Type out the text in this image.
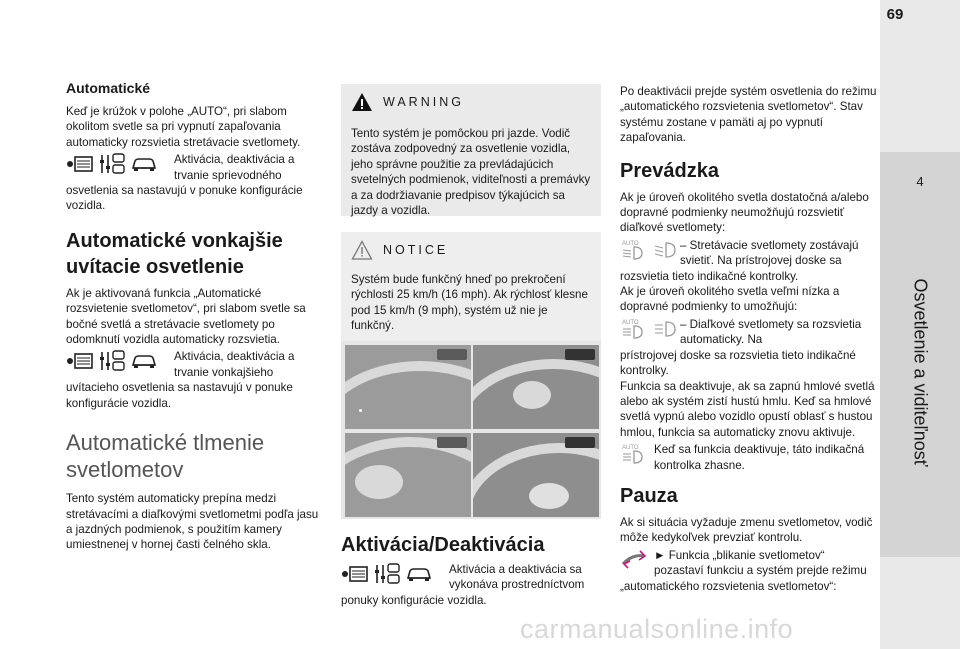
4
Osvetlenie a viditeľnosť
69
Automatické

Keď je krúžok v polohe „AUTO“, pri slabom okolitom svetle sa pri vypnutí zapaľovania automaticky rozsvietia stretávacie svetlomety.

Aktivácia, deaktivácia a trvanie sprievodného

osvetlenia sa nastavujú v ponuke konfigurácie vozidla.

Automatické vonkajšie uvítacie osvetlenie

Ak je aktivovaná funkcia „Automatické rozsvietenie svetlometov“, pri slabom svetle sa bočné svetlá a stretávacie svetlomety po odomknutí vozidla automaticky rozsvietia.

Aktivácia, deaktivácia a trvanie vonkajšieho

uvítacieho osvetlenia sa nastavujú v ponuke konfigurácie vozidla.

Automatické tlmenie svetlometov

Tento systém automaticky prepína medzi stretávacími a diaľkovými svetlometmi podľa jasu a jazdných podmienok, s použitím kamery umiestnenej v hornej časti čelného skla.

WARNING

Tento systém je pomôckou pri jazde. Vodič zostáva zodpovedný za osvetlenie vozidla, jeho správne použitie za prevládajúcich svetelných podmienok, viditeľnosti a premávky a za dodržiavanie predpisov týkajúcich sa jazdy a vozidla.

NOTICE

Systém bude funkčný hneď po prekročení rýchlosti 25 km/h (16 mph). Ak rýchlosť klesne pod 15 km/h (9 mph), systém už nie je funkčný.

Aktivácia/Deaktivácia

Aktivácia a deaktivácia sa vykonáva prostredníctvom

ponuky konfigurácie vozidla.

Po deaktivácii prejde systém osvetlenia do režimu „automatického rozsvietenia svetlometov“. Stav systému zostane v pamäti aj po vypnutí zapaľovania.

Prevádzka

Ak je úroveň okolitého svetla dostatočná a/alebo dopravné podmienky neumožňujú rozsvietiť diaľkové svetlomety:

AUTO	– Stretávacie svetlomety zostávajú svietiť. Na prístrojovej doske sa

rozsvietia tieto indikačné kontrolky.

Ak je úroveň okolitého svetla veľmi nízka a dopravné podmienky to umožňujú:

AUTO	– Diaľkové svetlomety sa rozsvietia automaticky. Na

prístrojovej doske sa rozsvietia tieto indikačné kontrolky.

Funkcia sa deaktivuje, ak sa zapnú hmlové svetlá alebo ak systém zistí hustú hmlu. Keď sa hmlové svetlá vypnú alebo vozidlo opustí oblasť s hustou hmlou, funkcia sa automaticky znovu aktivuje.

AUTO Keď sa funkcia deaktivuje, táto indikačná kontrolka zhasne.

Pauza

Ak si situácia vyžaduje zmenu svetlometov, vodič môže kedykoľvek prevziať kontrolu.

► Funkcia „blikanie svetlometov“ pozastaví funkciu a systém prejde režimu

„automatického rozsvietenia svetlometov“:

carmanualsonline.info
